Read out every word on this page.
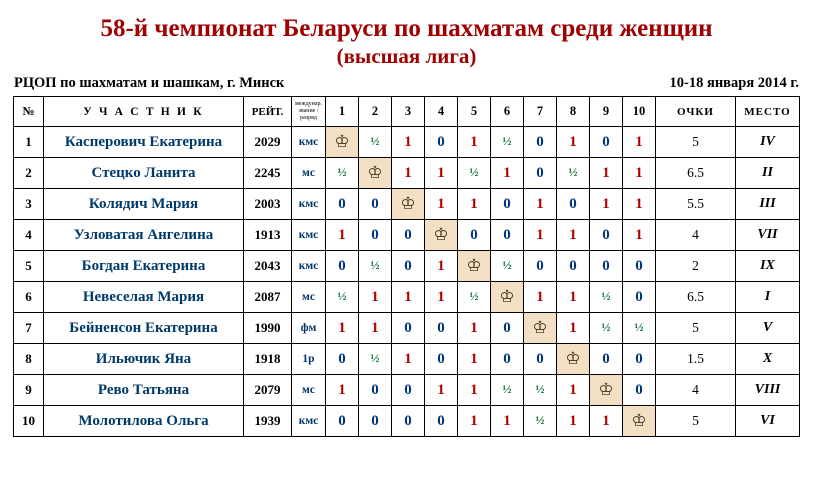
58-й чемпионат Беларуси по шахматам среди женщин
(высшая лига)
РЦОП по шахматам и шашкам, г. Минск	10-18 января 2014 г.
№	У Ч А С Т Н И К	РЕЙТ.	междунар. звание / разряд	1	2	3	4	5	6	7	8	9	10	ОЧКИ	МЕСТО
1	Касперович Екатерина	2029	кмс	♔	½	1	0	1	½	0	1	0	1	5	IV
2	Стецко Ланита	2245	мс	½	♔	1	1	½	1	0	½	1	1	6.5	II
3	Колядич Мария	2003	кмс	0	0	♔	1	1	0	1	0	1	1	5.5	III
4	Узловатая Ангелина	1913	кмс	1	0	0	♔	0	0	1	1	0	1	4	VII
5	Богдан Екатерина	2043	кмс	0	½	0	1	♔	½	0	0	0	0	2	IX
6	Невеселая Мария	2087	мс	½	1	1	1	½	♔	1	1	½	0	6.5	I
7	Бейненсон Екатерина	1990	фм	1	1	0	0	1	0	♔	1	½	½	5	V
8	Ильючик Яна	1918	1р	0	½	1	0	1	0	0	♔	0	0	1.5	X
9	Рево Татьяна	2079	мс	1	0	0	1	1	½	½	1	♔	0	4	VIII
10	Молотилова Ольга	1939	кмс	0	0	0	0	1	1	½	1	1	♔	5	VI
